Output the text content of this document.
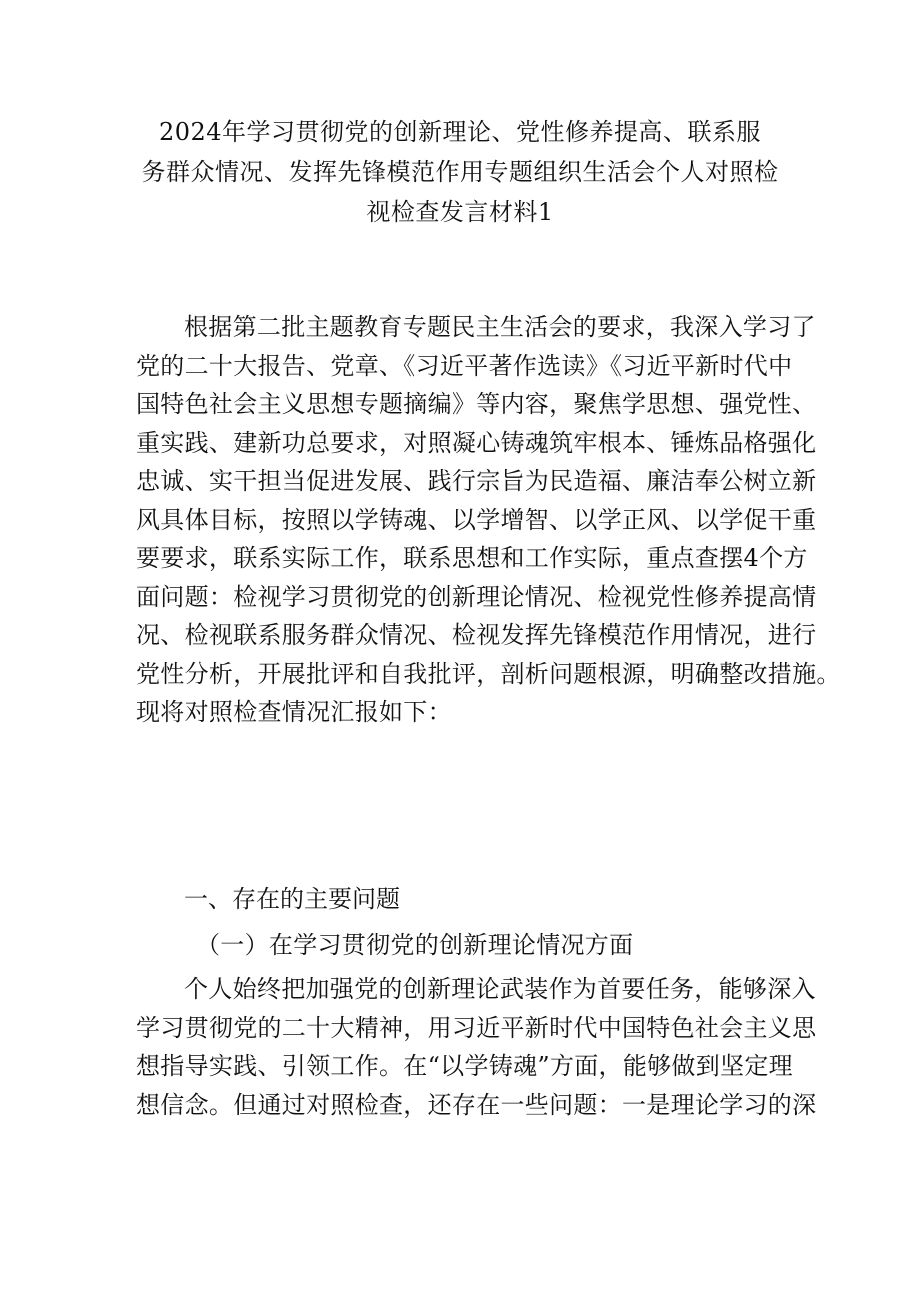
2024年学习贯彻党的创新理论、党性修养提高、联系服
务群众情况、发挥先锋模范作用专题组织生活会个人对照检
视检查发言材料1
根据第二批主题教育专题民主生活会的要求，我深入学习了
党的二十大报告、党章、《习近平著作选读》《习近平新时代中
国特色社会主义思想专题摘编》等内容，聚焦学思想、强党性、
重实践、建新功总要求，对照凝心铸魂筑牢根本、锤炼品格强化
忠诚、实干担当促进发展、践行宗旨为民造福、廉洁奉公树立新
风具体目标，按照以学铸魂、以学增智、以学正风、以学促干重
要要求，联系实际工作，联系思想和工作实际，重点查摆4个方
面问题：检视学习贯彻党的创新理论情况、检视党性修养提高情
况、检视联系服务群众情况、检视发挥先锋模范作用情况，进行
党性分析，开展批评和自我批评，剖析问题根源，明确整改措施。
现将对照检查情况汇报如下：
一、存在的主要问题
（一）在学习贯彻党的创新理论情况方面
个人始终把加强党的创新理论武装作为首要任务，能够深入
学习贯彻党的二十大精神，用习近平新时代中国特色社会主义思
想指导实践、引领工作。在“以学铸魂”方面，能够做到坚定理
想信念。但通过对照检查，还存在一些问题：一是理论学习的深
